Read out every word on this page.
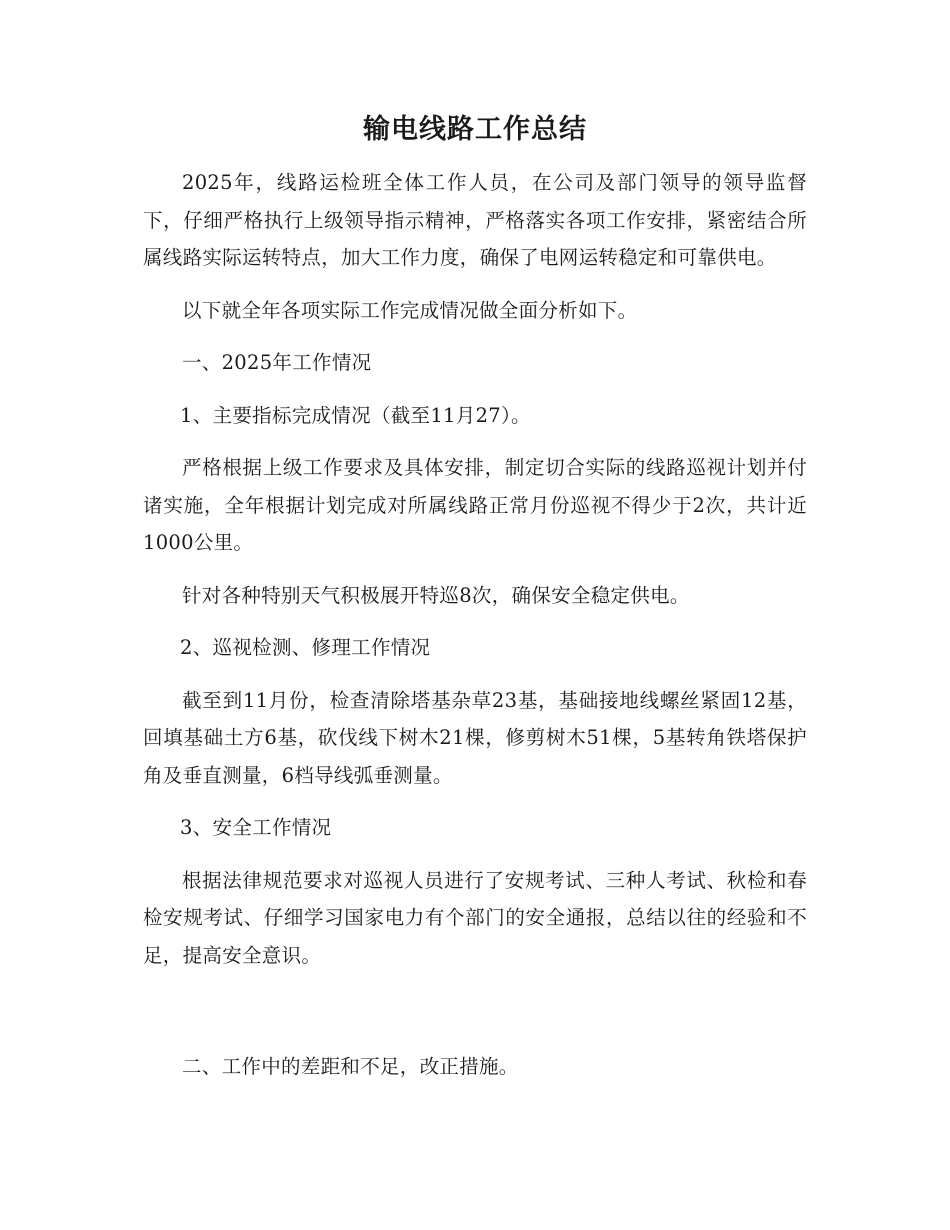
输电线路工作总结

2025年，线路运检班全体工作人员，在公司及部门领导的领导监督下，仔细严格执行上级领导指示精神，严格落实各项工作安排，紧密结合所属线路实际运转特点，加大工作力度，确保了电网运转稳定和可靠供电。

以下就全年各项实际工作完成情况做全面分析如下。

一、2025年工作情况

1、主要指标完成情况（截至11月27）。

严格根据上级工作要求及具体安排，制定切合实际的线路巡视计划并付诸实施，全年根据计划完成对所属线路正常月份巡视不得少于2次，共计近1000公里。

针对各种特别天气积极展开特巡8次，确保安全稳定供电。

2、巡视检测、修理工作情况

截至到11月份，检查清除塔基杂草23基，基础接地线螺丝紧固12基，回填基础土方6基，砍伐线下树木21棵，修剪树木51棵，5基转角铁塔保护角及垂直测量，6档导线弧垂测量。

3、安全工作情况

根据法律规范要求对巡视人员进行了安规考试、三种人考试、秋检和春检安规考试、仔细学习国家电力有个部门的安全通报，总结以往的经验和不足，提高安全意识。

二、工作中的差距和不足，改正措施。
